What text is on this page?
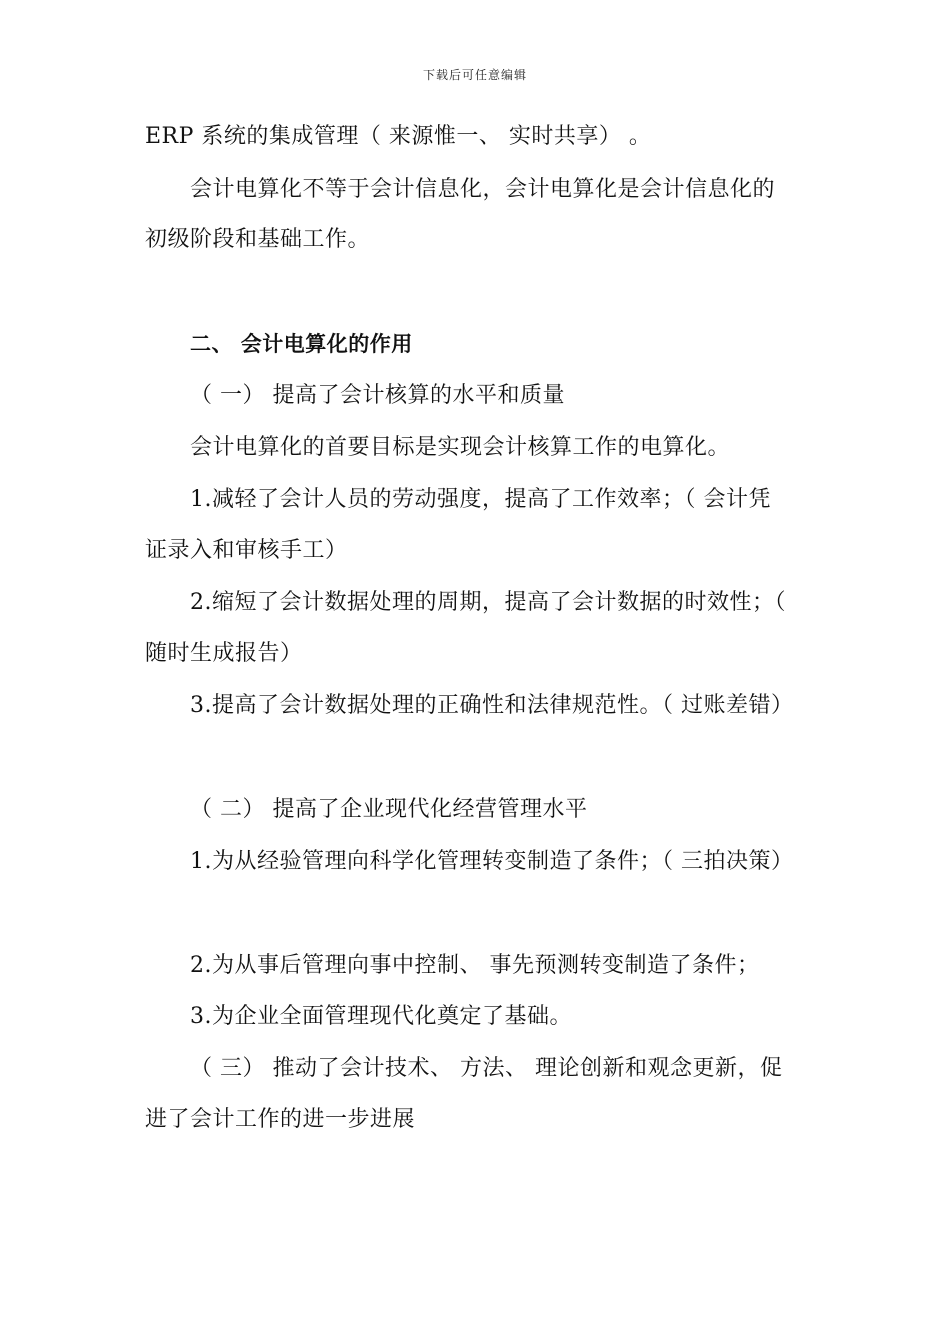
下载后可任意编辑
ERP 系统的集成管理（ 来源惟一、 实时共享） 。
会计电算化不等于会计信息化，会计电算化是会计信息化的
初级阶段和基础工作。
二、 会计电算化的作用
（ 一） 提高了会计核算的水平和质量
会计电算化的首要目标是实现会计核算工作的电算化。
1.减轻了会计人员的劳动强度，提高了工作效率；（ 会计凭
证录入和审核手工）
2.缩短了会计数据处理的周期，提高了会计数据的时效性；（
随时生成报告）
3.提高了会计数据处理的正确性和法律规范性。（ 过账差错）
（ 二） 提高了企业现代化经营管理水平
1.为从经验管理向科学化管理转变制造了条件；（ 三拍决策）
2.为从事后管理向事中控制、 事先预测转变制造了条件；
3.为企业全面管理现代化奠定了基础。
（ 三） 推动了会计技术、 方法、 理论创新和观念更新，促
进了会计工作的进一步进展
